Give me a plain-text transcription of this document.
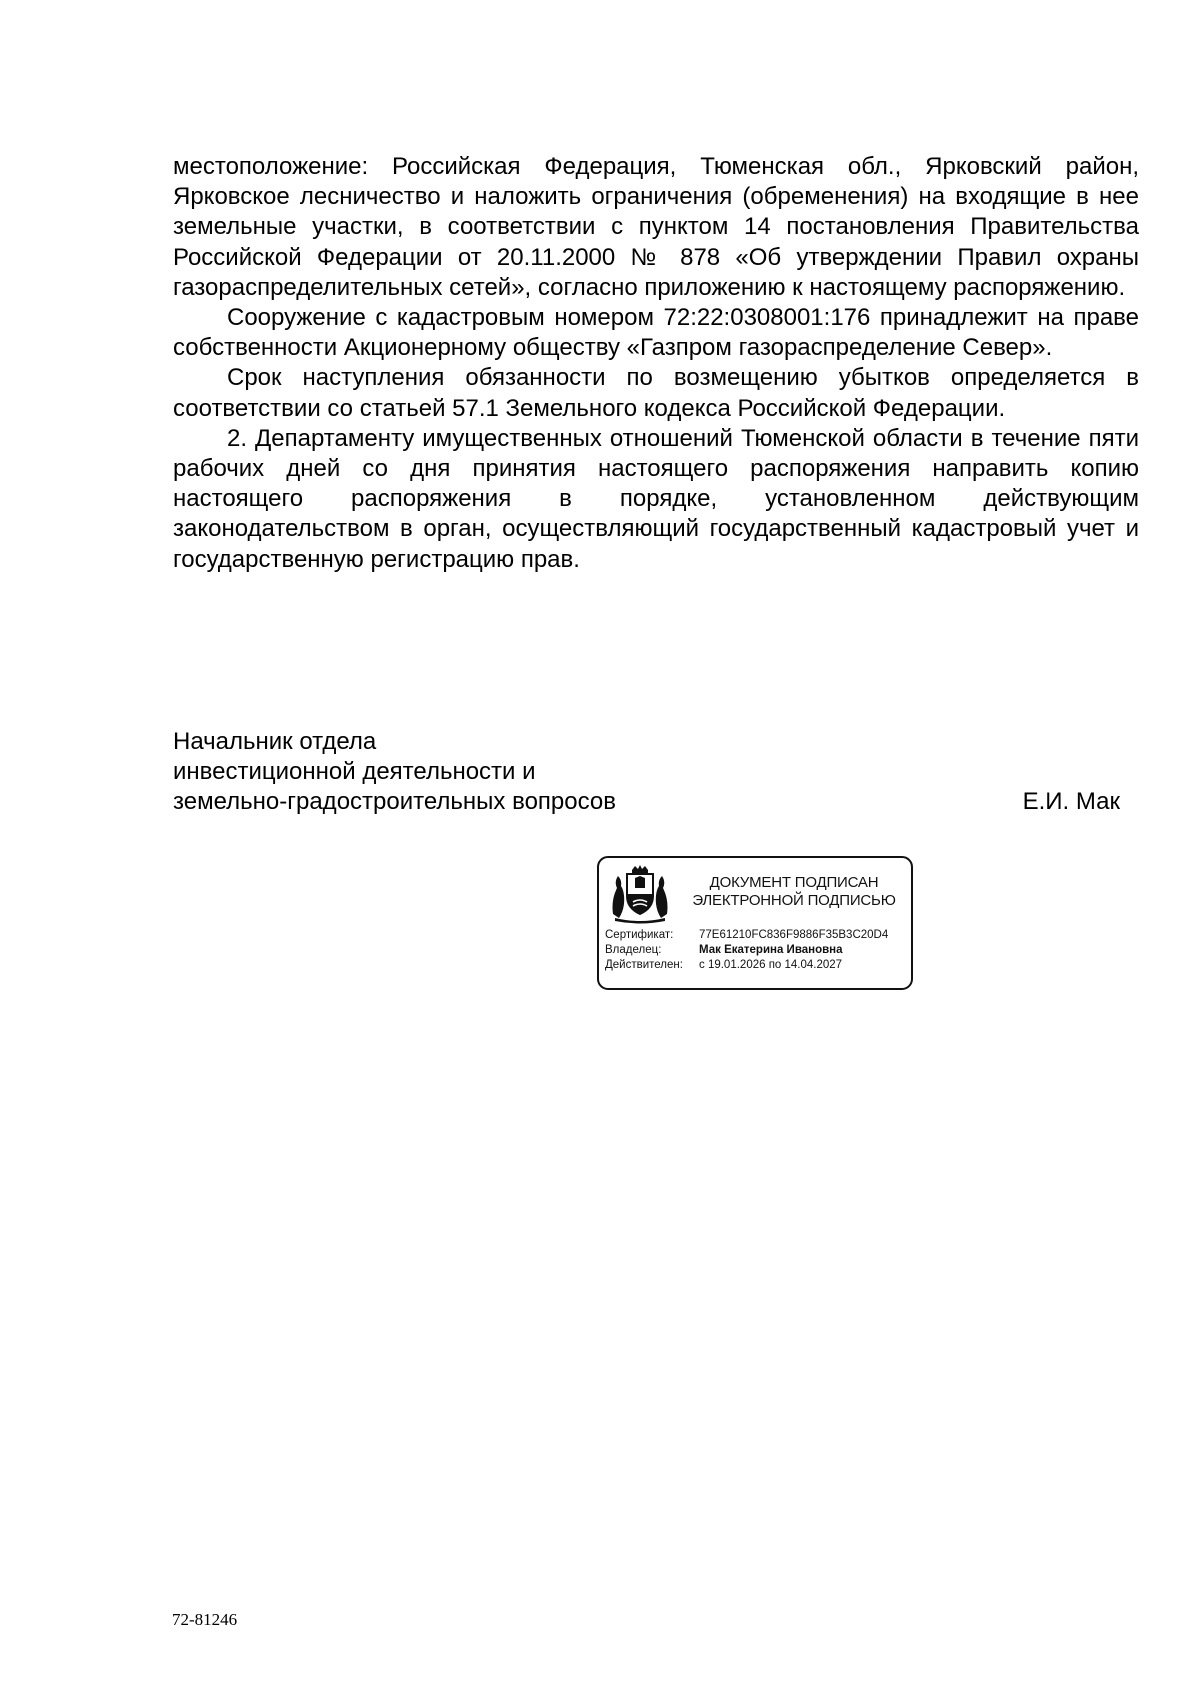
местоположение: Российская Федерация, Тюменская обл., Ярковский район, Ярковское лесничество и наложить ограничения (обременения) на входящие в нее земельные участки, в соответствии с пунктом 14 постановления Правительства Российской Федерации от 20.11.2000 № 878 «Об утверждении Правил охраны газораспределительных сетей», согласно приложению к настоящему распоряжению.

Сооружение с кадастровым номером 72:22:0308001:176 принадлежит на праве собственности Акционерному обществу «Газпром газораспределение Север».

Срок наступления обязанности по возмещению убытков определяется в соответствии со статьей 57.1 Земельного кодекса Российской Федерации.

2. Департаменту имущественных отношений Тюменской области в течение пяти рабочих дней со дня принятия настоящего распоряжения направить копию настоящего распоряжения в порядке, установленном действующим законодательством в орган, осуществляющий государственный кадастровый учет и государственную регистрацию прав.

Начальник отдела
инвестиционной деятельности и
земельно-градостроительных вопросов	Е.И. Мак
ДОКУМЕНТ ПОДПИСАН
ЭЛЕКТРОННОЙ ПОДПИСЬЮ
Сертификат: 77E61210FC836F9886F35B3C20D4
Владелец:	Мак Екатерина Ивановна
Действителен: с 19.01.2026 по 14.04.2027
72-81246
